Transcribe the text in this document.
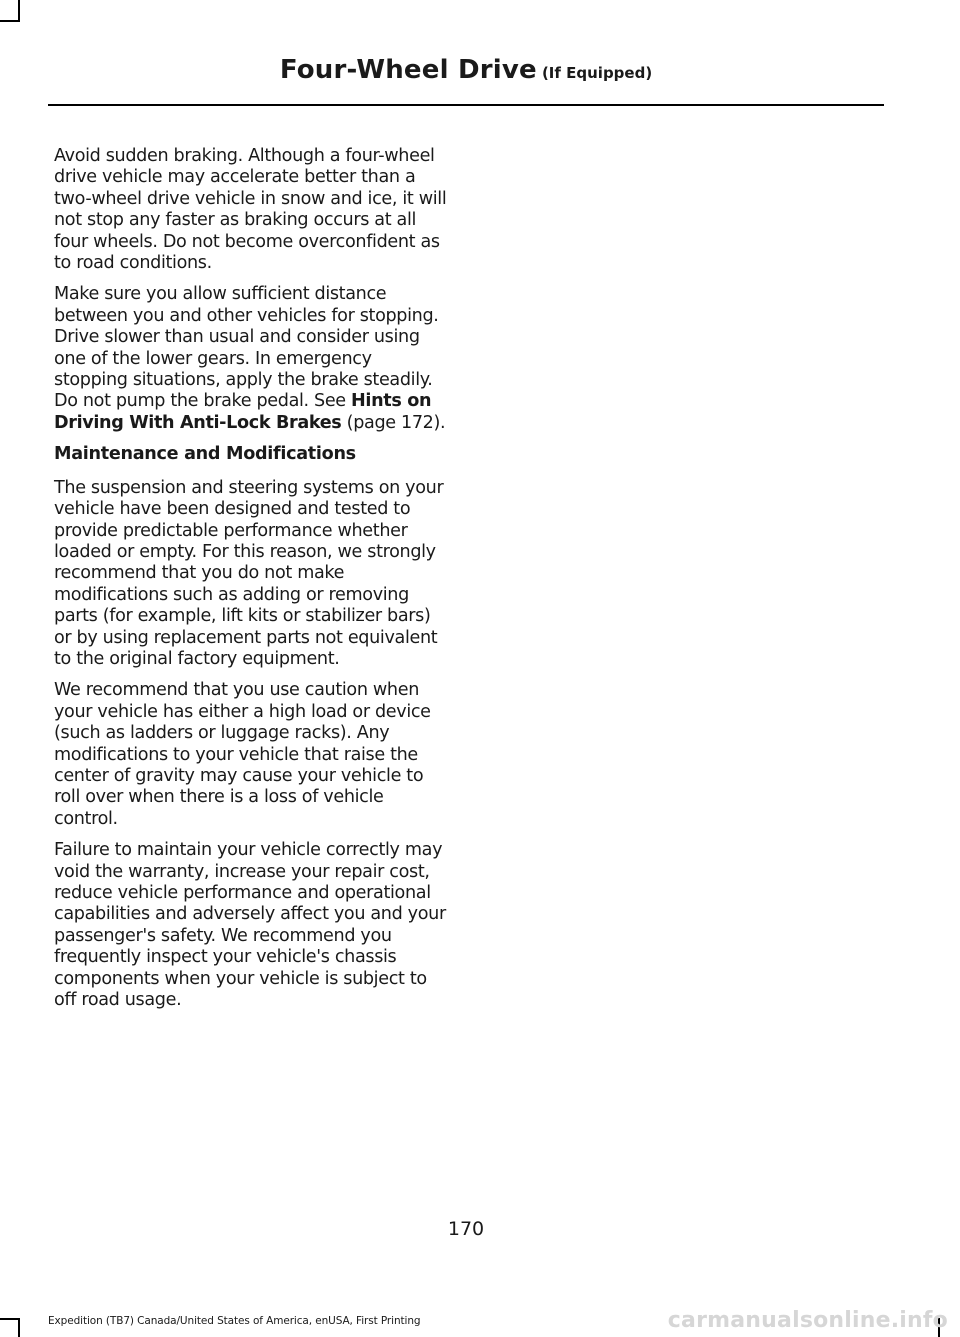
Four-Wheel Drive (If Equipped)

Avoid sudden braking. Although a four-wheel drive vehicle may accelerate better than a two-wheel drive vehicle in snow and ice, it will not stop any faster as braking occurs at all four wheels. Do not become overconfident as to road conditions.

Make sure you allow sufficient distance between you and other vehicles for stopping. Drive slower than usual and consider using one of the lower gears. In emergency stopping situations, apply the brake steadily. Do not pump the brake pedal. See Hints on Driving With Anti-Lock Brakes (page 172).

Maintenance and Modifications

The suspension and steering systems on your vehicle have been designed and tested to provide predictable performance whether loaded or empty. For this reason, we strongly recommend that you do not make modifications such as adding or removing parts (for example, lift kits or stabilizer bars) or by using replacement parts not equivalent to the original factory equipment.

We recommend that you use caution when your vehicle has either a high load or device (such as ladders or luggage racks). Any modifications to your vehicle that raise the center of gravity may cause your vehicle to roll over when there is a loss of vehicle control.

Failure to maintain your vehicle correctly may void the warranty, increase your repair cost, reduce vehicle performance and operational capabilities and adversely affect you and your passenger's safety. We recommend you frequently inspect your vehicle's chassis components when your vehicle is subject to off road usage.

170
Expedition (TB7) Canada/United States of America, enUSA, First Printing	carmanualsonline.info
